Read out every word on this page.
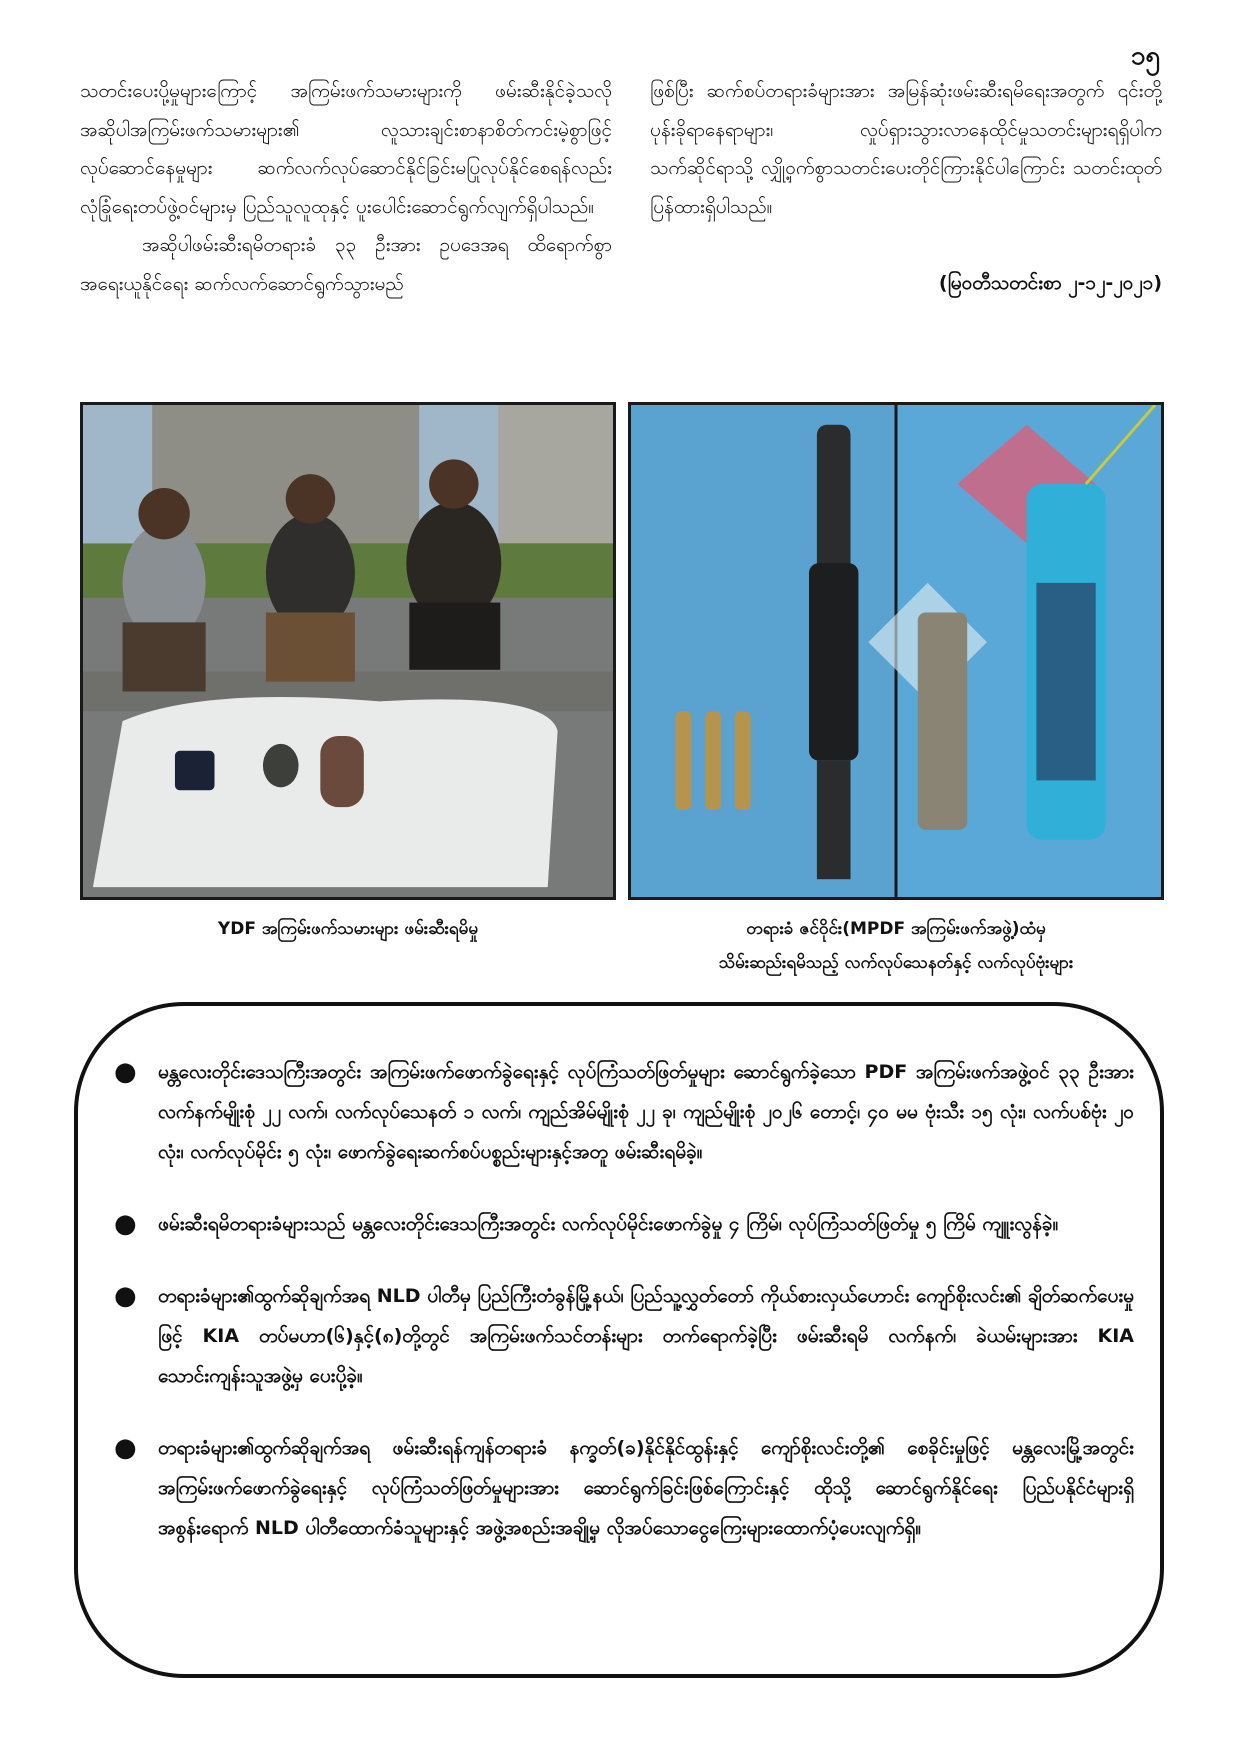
၁၅

သတင်းပေးပို့မှုများကြောင့် အကြမ်းဖက်သမားများကို ဖမ်းဆီးနိုင်ခဲ့သလို အဆိုပါအကြမ်းဖက်သမားများ၏ လူသားချင်းစာနာစိတ်ကင်းမဲ့စွာဖြင့် လုပ်ဆောင်နေမှုများ ဆက်လက်လုပ်ဆောင်နိုင်ခြင်းမပြုလုပ်နိုင်စေရန်လည်း လုံခြုံရေးတပ်ဖွဲ့ဝင်များမှ ပြည်သူလူထုနှင့် ပူးပေါင်းဆောင်ရွက်လျက်ရှိပါသည်။

အဆိုပါဖမ်းဆီးရမိတရားခံ ၃၃ ဦးအား ဥပဒေအရ ထိရောက်စွာအရေးယူနိုင်ရေး ဆက်လက်ဆောင်ရွက်သွားမည်

ဖြစ်ပြီး ဆက်စပ်တရားခံများအား အမြန်ဆုံးဖမ်းဆီးရမိရေးအတွက် ၎င်းတို့ပုန်းခိုရာနေရာများ၊ လှုပ်ရှားသွားလာနေထိုင်မှုသတင်းများရရှိပါက သက်ဆိုင်ရာသို့ လျှို့ဝှက်စွာသတင်းပေးတိုင်ကြားနိုင်ပါကြောင်း သတင်းထုတ်ပြန်ထားရှိပါသည်။

(မြဝတီသတင်းစာ ၂-၁၂-၂၀၂၁)

YDF အကြမ်းဖက်သမားများ ဖမ်းဆီးရမိမှု	တရားခံ ဇင်ဝိုင်း(MPDF အကြမ်းဖက်အဖွဲ့)ထံမှ
သိမ်းဆည်းရမိသည့် လက်လုပ်သေနတ်နှင့် လက်လုပ်ဗုံးများ
● မန္တလေးတိုင်းဒေသကြီးအတွင်း အကြမ်းဖက်ဖောက်ခွဲရေးနှင့် လုပ်ကြံသတ်ဖြတ်မှုများ ဆောင်ရွက်ခဲ့သော PDF အကြမ်းဖက်အဖွဲ့ဝင် ၃၃ ဦးအား လက်နက်မျိုးစုံ ၂၂ လက်၊ လက်လုပ်သေနတ် ၁ လက်၊ ကျည်အိမ်မျိုးစုံ ၂၂ ခု၊ ကျည်မျိုးစုံ ၂၀၂၆ တောင့်၊ ၄၀ မမ ဗုံးသီး ၁၅ လုံး၊ လက်ပစ်ဗုံး ၂၀ လုံး၊ လက်လုပ်မိုင်း ၅ လုံး၊ ဖောက်ခွဲရေးဆက်စပ်ပစ္စည်းများနှင့်အတူ ဖမ်းဆီးရမိခဲ့။
● ဖမ်းဆီးရမိတရားခံများသည် မန္တလေးတိုင်းဒေသကြီးအတွင်း လက်လုပ်မိုင်းဖောက်ခွဲမှု ၄ ကြိမ်၊ လုပ်ကြံသတ်ဖြတ်မှု ၅ ကြိမ် ကျူးလွန်ခဲ့။
● တရားခံများ၏ထွက်ဆိုချက်အရ NLD ပါတီမှ ပြည်ကြီးတံခွန်မြို့နယ်၊ ပြည်သူ့လွှတ်တော် ကိုယ်စားလှယ်ဟောင်း ကျော်စိုးလင်း၏ ချိတ်ဆက်ပေးမှုဖြင့် KIA တပ်မဟာ(၆)နှင့်(၈)တို့တွင် အကြမ်းဖက်သင်တန်းများ တက်ရောက်ခဲ့ပြီး ဖမ်းဆီးရမိ လက်နက်၊ ခဲယမ်းများအား KIA သောင်းကျန်းသူအဖွဲ့မှ ပေးပို့ခဲ့။
● တရားခံများ၏ထွက်ဆိုချက်အရ ဖမ်းဆီးရန်ကျန်တရားခံ နက္ခတ်(ခ)နိုင်နိုင်ထွန်းနှင့် ကျော်စိုးလင်းတို့၏ စေခိုင်းမှုဖြင့် မန္တလေးမြို့အတွင်း အကြမ်းဖက်ဖောက်ခွဲရေးနှင့် လုပ်ကြံသတ်ဖြတ်မှုများအား ဆောင်ရွက်ခြင်းဖြစ်ကြောင်းနှင့် ထိုသို့ ဆောင်ရွက်နိုင်ရေး ပြည်ပနိုင်ငံများရှိ အစွန်းရောက် NLD ပါတီထောက်ခံသူများနှင့် အဖွဲ့အစည်းအချို့မှ လိုအပ်သောငွေကြေးများထောက်ပံ့ပေးလျက်ရှိ။
